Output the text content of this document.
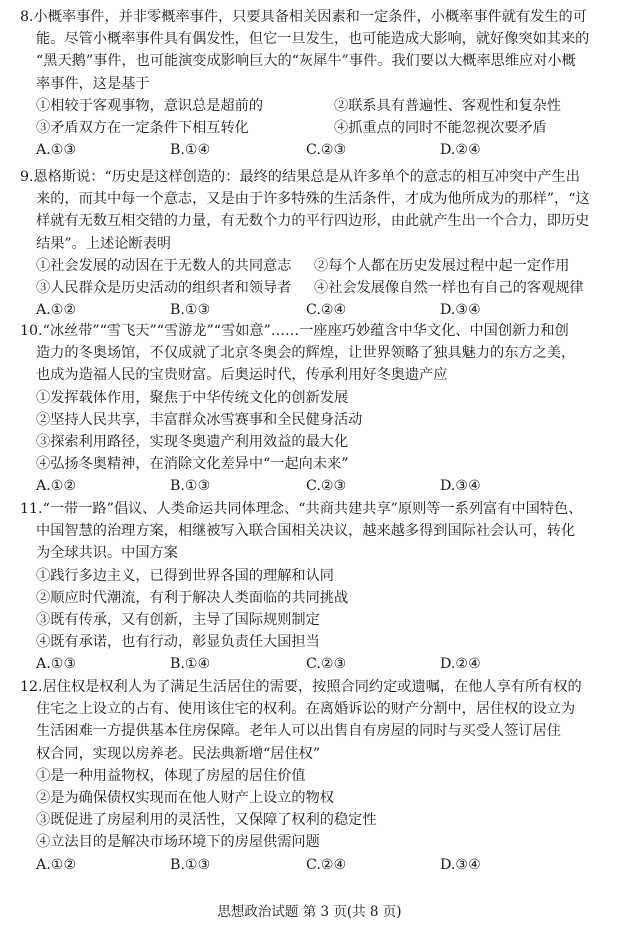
8.小概率事件，并非零概率事件，只要具备相关因素和一定条件，小概率事件就有发生的可
能。尽管小概率事件具有偶发性，但它一旦发生，也可能造成大影响，就好像突如其来的
“黑天鹅”事件，也可能演变成影响巨大的“灰犀牛”事件。我们要以大概率思维应对小概
率事件，这是基于
①相较于客观事物，意识总是超前的	②联系具有普遍性、客观性和复杂性
③矛盾双方在一定条件下相互转化	④抓重点的同时不能忽视次要矛盾
A.①③	B.①④	C.②③	D.②④
9.恩格斯说：“历史是这样创造的：最终的结果总是从许多单个的意志的相互冲突中产生出
来的，而其中每一个意志，又是由于许多特殊的生活条件，才成为他所成为的那样”，“这
样就有无数互相交错的力量，有无数个力的平行四边形，由此就产生出一个合力，即历史
结果”。上述论断表明
①社会发展的动因在于无数人的共同意志 ②每个人都在历史发展过程中起一定作用
③人民群众是历史活动的组织者和领导者 ④社会发展像自然一样也有自己的客观规律
A.①②	B.①③	C.②④	D.③④
10.“冰丝带”“雪飞天”“雪游龙”“雪如意”……一座座巧妙蕴含中华文化、中国创新力和创
造力的冬奥场馆，不仅成就了北京冬奥会的辉煌，让世界领略了独具魅力的东方之美，
也成为造福人民的宝贵财富。后奥运时代，传承利用好冬奥遗产应
①发挥载体作用，聚焦于中华传统文化的创新发展
②坚持人民共享，丰富群众冰雪赛事和全民健身活动
③探索利用路径，实现冬奥遗产利用效益的最大化
④弘扬冬奥精神，在消除文化差异中“一起向未来”
A.①②	B.①③	C.②③	D.③④
11.“一带一路”倡议、人类命运共同体理念、“共商共建共享”原则等一系列富有中国特色、
中国智慧的治理方案，相继被写入联合国相关决议，越来越多得到国际社会认可，转化
为全球共识。中国方案
①践行多边主义，已得到世界各国的理解和认同
②顺应时代潮流，有利于解决人类面临的共同挑战
③既有传承，又有创新，主导了国际规则制定
④既有承诺，也有行动，彰显负责任大国担当
A.①③	B.①④	C.②③	D.②④
12.居住权是权利人为了满足生活居住的需要，按照合同约定或遗嘱，在他人享有所有权的
住宅之上设立的占有、使用该住宅的权利。在离婚诉讼的财产分割中，居住权的设立为
生活困难一方提供基本住房保障。老年人可以出售自有房屋的同时与买受人签订居住
权合同，实现以房养老。民法典新增“居住权”
①是一种用益物权，体现了房屋的居住价值
②是为确保债权实现而在他人财产上设立的物权
③既促进了房屋利用的灵活性，又保障了权利的稳定性
④立法目的是解决市场环境下的房屋供需问题
A.①②	B.①③	C.②④	D.③④
思想政治试题 第 3 页(共 8 页)
